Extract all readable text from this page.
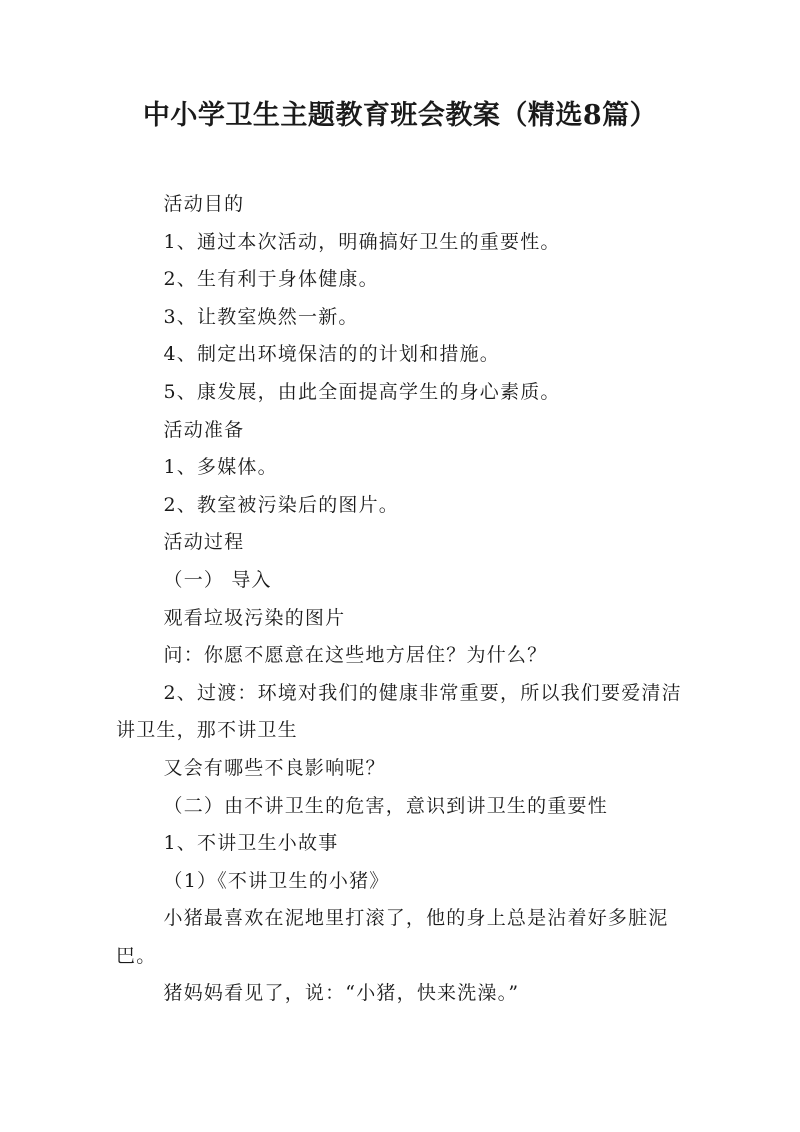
中小学卫生主题教育班会教案（精选8篇）

活动目的

1、通过本次活动，明确搞好卫生的重要性。

2、生有利于身体健康。

3、让教室焕然一新。

4、制定出环境保洁的的计划和措施。

5、康发展，由此全面提高学生的身心素质。

活动准备

1、多媒体。

2、教室被污染后的图片。

活动过程

（一） 导入

观看垃圾污染的图片

问：你愿不愿意在这些地方居住？为什么？

2、过渡：环境对我们的健康非常重要，所以我们要爱清洁讲卫生，那不讲卫生

又会有哪些不良影响呢？

（二）由不讲卫生的危害，意识到讲卫生的重要性

1、不讲卫生小故事

（1）《不讲卫生的小猪》

小猪最喜欢在泥地里打滚了，他的身上总是沾着好多脏泥巴。

猪妈妈看见了，说：“小猪，快来洗澡。”
